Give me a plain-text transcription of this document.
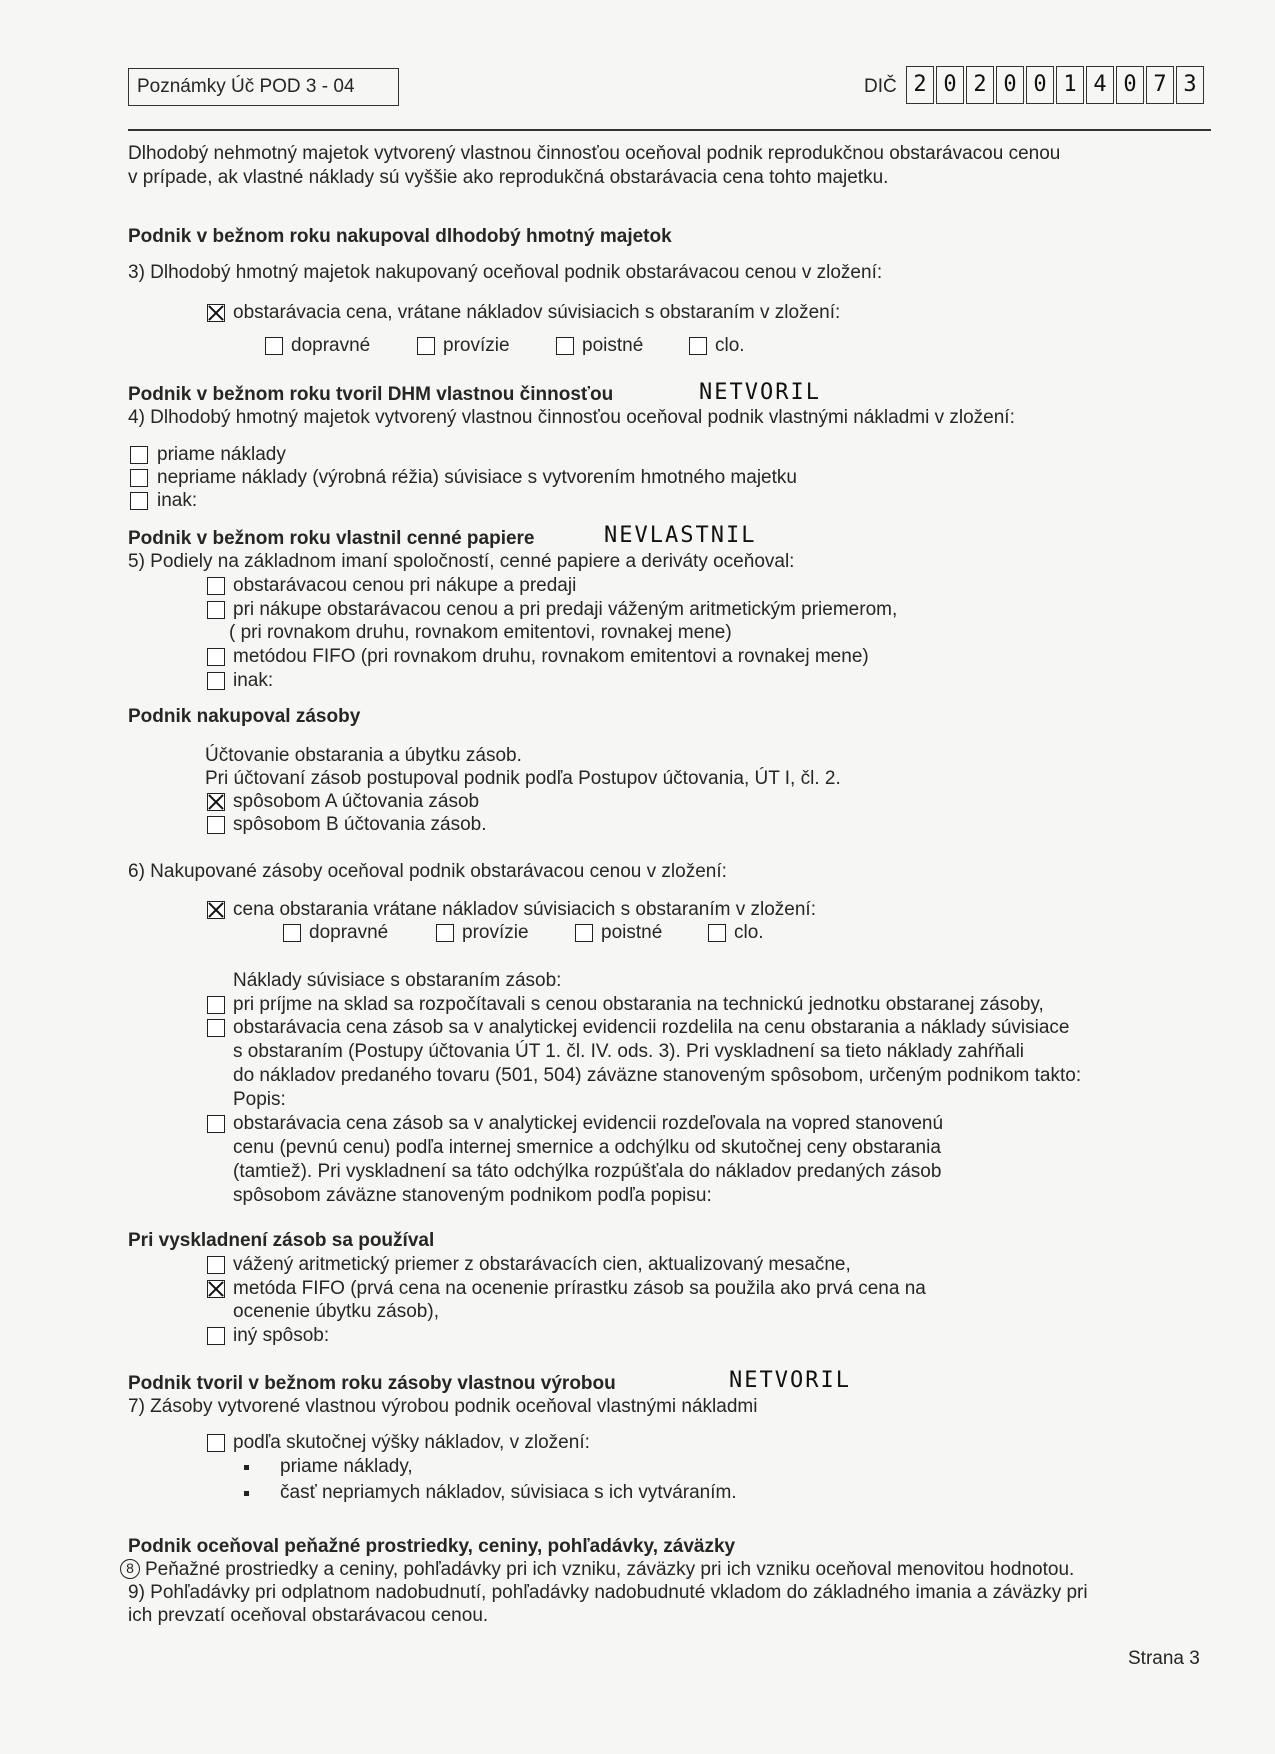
Poznámky Úč POD 3 - 04	DIČ 2 0 2 0 0 1 4 0 7 3
Dlhodobý nehmotný majetok vytvorený vlastnou činnosťou oceňoval podnik reprodukčnou obstarávacou cenou
v prípade, ak vlastné náklady sú vyššie ako reprodukčná obstarávacia cena tohto majetku.
Podnik v bežnom roku nakupoval dlhodobý hmotný majetok
3) Dlhodobý hmotný majetok nakupovaný oceňoval podnik obstarávacou cenou v zložení:
obstarávacia cena, vrátane nákladov súvisiacich s obstaraním v zložení:
dopravné	provízie	poistné	clo.
Podnik v bežnom roku tvoril DHM vlastnou činnosťou	NETVORIL
4) Dlhodobý hmotný majetok vytvorený vlastnou činnosťou oceňoval podnik vlastnými nákladmi v zložení:
priame náklady
nepriame náklady (výrobná réžia) súvisiace s vytvorením hmotného majetku
inak:
Podnik v bežnom roku vlastnil cenné papiere	NEVLASTNIL
5) Podiely na základnom imaní spoločností, cenné papiere a deriváty oceňoval:
obstarávacou cenou pri nákupe a predaji
pri nákupe obstarávacou cenou a pri predaji váženým aritmetickým priemerom,
( pri rovnakom druhu, rovnakom emitentovi, rovnakej mene)
metódou FIFO (pri rovnakom druhu, rovnakom emitentovi a rovnakej mene)
inak:
Podnik nakupoval zásoby
Účtovanie obstarania a úbytku zásob.
Pri účtovaní zásob postupoval podnik podľa Postupov účtovania, ÚT I, čl. 2.
spôsobom A účtovania zásob
spôsobom B účtovania zásob.
6) Nakupované zásoby oceňoval podnik obstarávacou cenou v zložení:
cena obstarania vrátane nákladov súvisiacich s obstaraním v zložení:
dopravné	provízie	poistné	clo.
Náklady súvisiace s obstaraním zásob:
pri príjme na sklad sa rozpočítavali s cenou obstarania na technickú jednotku obstaranej zásoby,
obstarávacia cena zásob sa v analytickej evidencii rozdelila na cenu obstarania a náklady súvisiace
s obstaraním (Postupy účtovania ÚT 1. čl. IV. ods. 3). Pri vyskladnení sa tieto náklady zahŕňali
do nákladov predaného tovaru (501, 504) záväzne stanoveným spôsobom, určeným podnikom takto:
Popis:
obstarávacia cena zásob sa v analytickej evidencii rozdeľovala na vopred stanovenú
cenu (pevnú cenu) podľa internej smernice a odchýlku od skutočnej ceny obstarania
(tamtiež). Pri vyskladnení sa táto odchýlka rozpúšťala do nákladov predaných zásob
spôsobom záväzne stanoveným podnikom podľa popisu:
Pri vyskladnení zásob sa používal
vážený aritmetický priemer z obstarávacích cien, aktualizovaný mesačne,
metóda FIFO (prvá cena na ocenenie prírastku zásob sa použila ako prvá cena na
ocenenie úbytku zásob),
iný spôsob:
Podnik tvoril v bežnom roku zásoby vlastnou výrobou	NETVORIL
7) Zásoby vytvorené vlastnou výrobou podnik oceňoval vlastnými nákladmi
podľa skutočnej výšky nákladov, v zložení:
priame náklady,
časť nepriamych nákladov, súvisiaca s ich vytváraním.
Podnik oceňoval peňažné prostriedky, ceniny, pohľadávky, záväzky
8 Peňažné prostriedky a ceniny, pohľadávky pri ich vzniku, záväzky pri ich vzniku oceňoval menovitou hodnotou.
9) Pohľadávky pri odplatnom nadobudnutí, pohľadávky nadobudnuté vkladom do základného imania a záväzky pri
ich prevzatí oceňoval obstarávacou cenou.
Strana 3
